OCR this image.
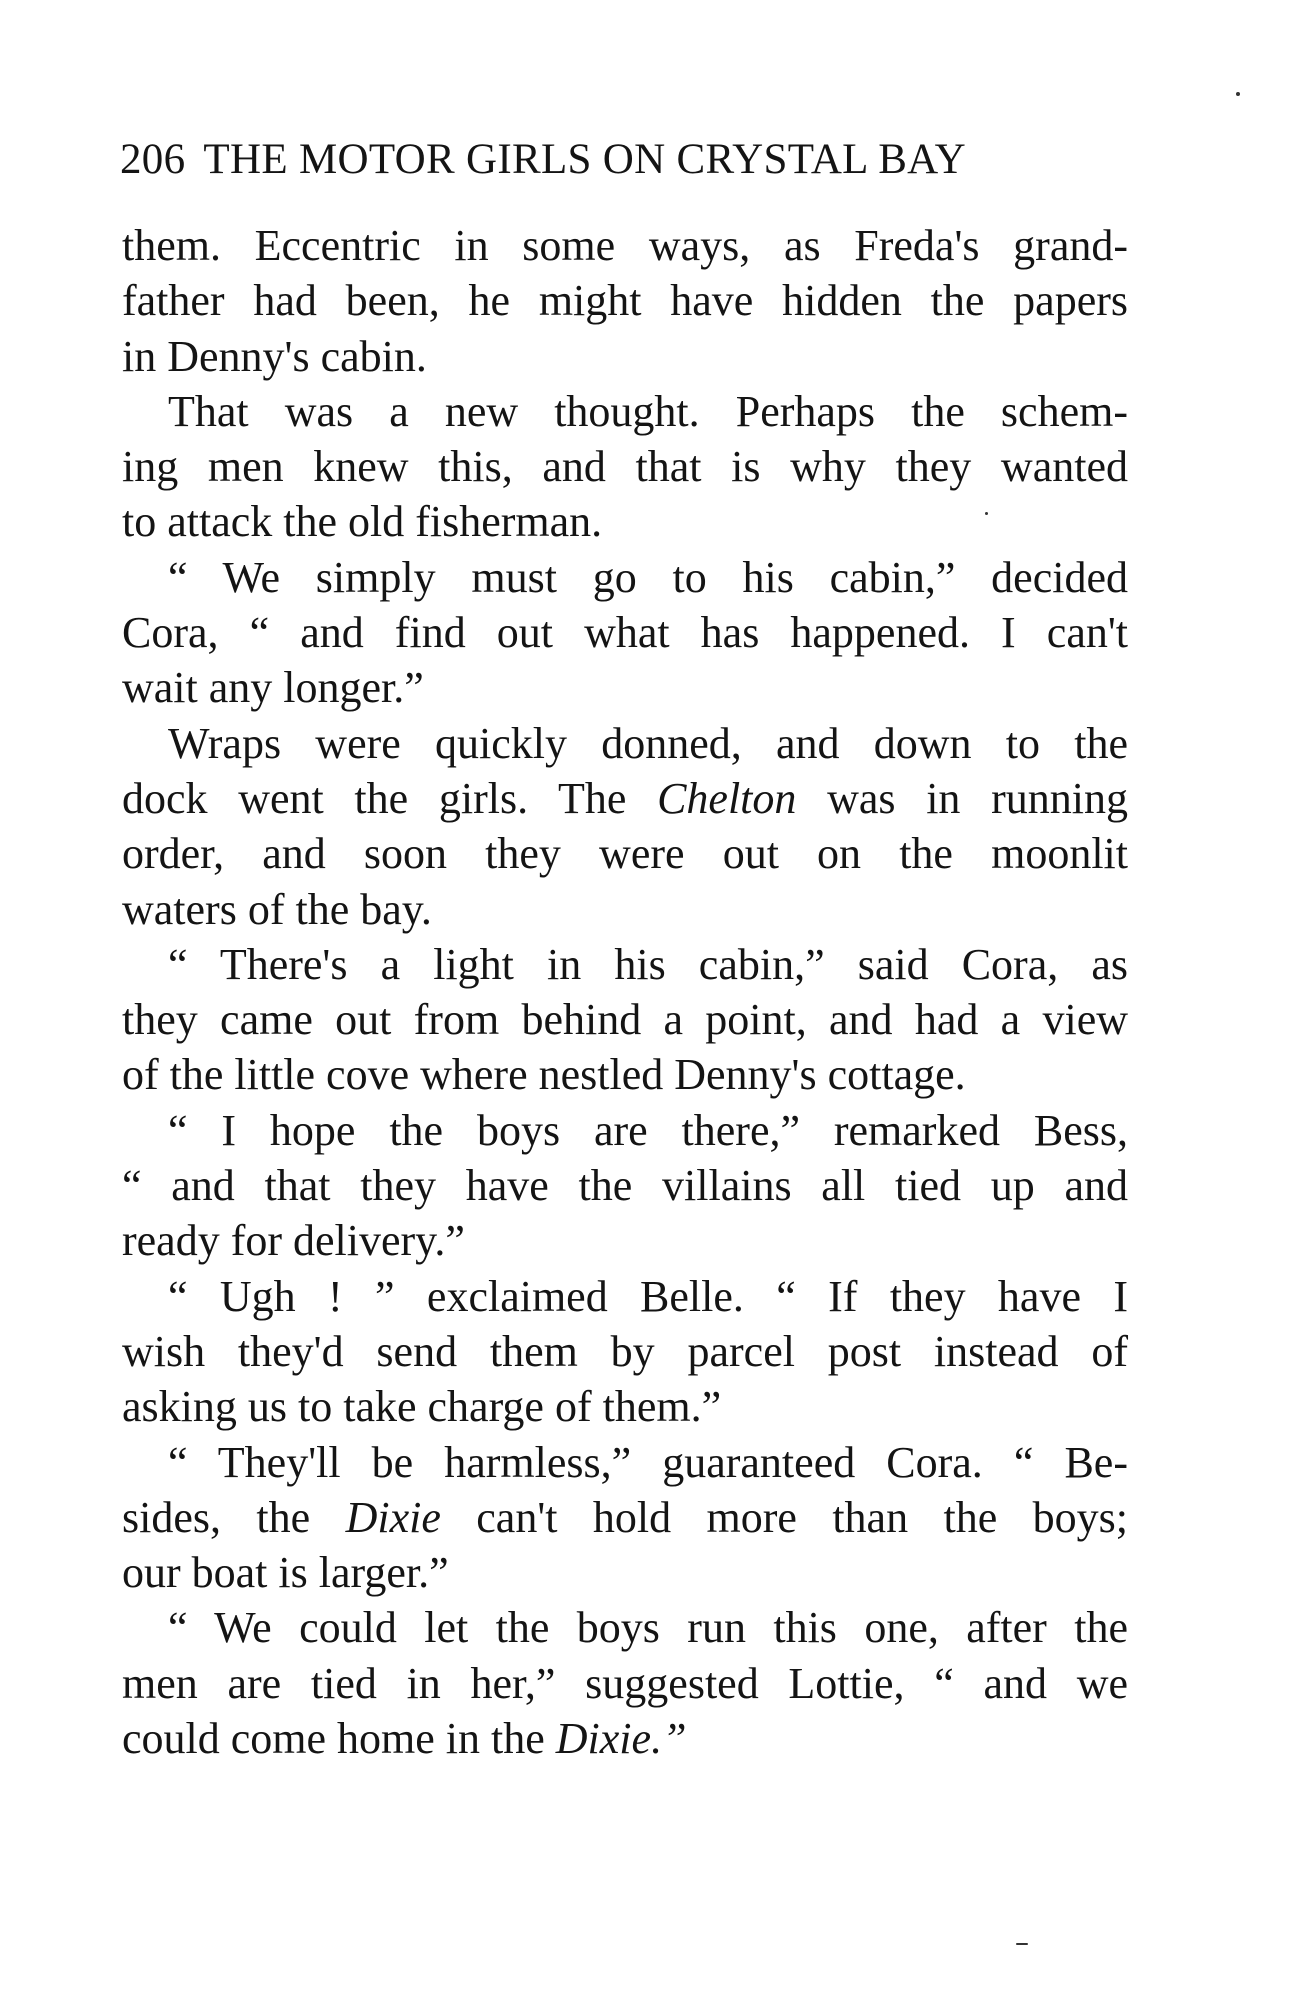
206 THE MOTOR GIRLS ON CRYSTAL BAY
them. Eccentric in some ways, as Freda's grand-
father had been, he might have hidden the papers
in Denny's cabin.
That was a new thought. Perhaps the schem-
ing men knew this, and that is why they wanted
to attack the old fisherman.
“ We simply must go to his cabin,” decided
Cora, “ and find out what has happened. I can't
wait any longer.”
Wraps were quickly donned, and down to the
dock went the girls. The Chelton was in running
order, and soon they were out on the moonlit
waters of the bay.
“ There's a light in his cabin,” said Cora, as
they came out from behind a point, and had a view
of the little cove where nestled Denny's cottage.
“ I hope the boys are there,” remarked Bess,
“ and that they have the villains all tied up and
ready for delivery.”
“ Ugh ! ” exclaimed Belle. “ If they have I
wish they'd send them by parcel post instead of
asking us to take charge of them.”
“ They'll be harmless,” guaranteed Cora. “ Be-
sides, the Dixie can't hold more than the boys;
our boat is larger.”
“ We could let the boys run this one, after the
men are tied in her,” suggested Lottie, “ and we
could come home in the Dixie.”
